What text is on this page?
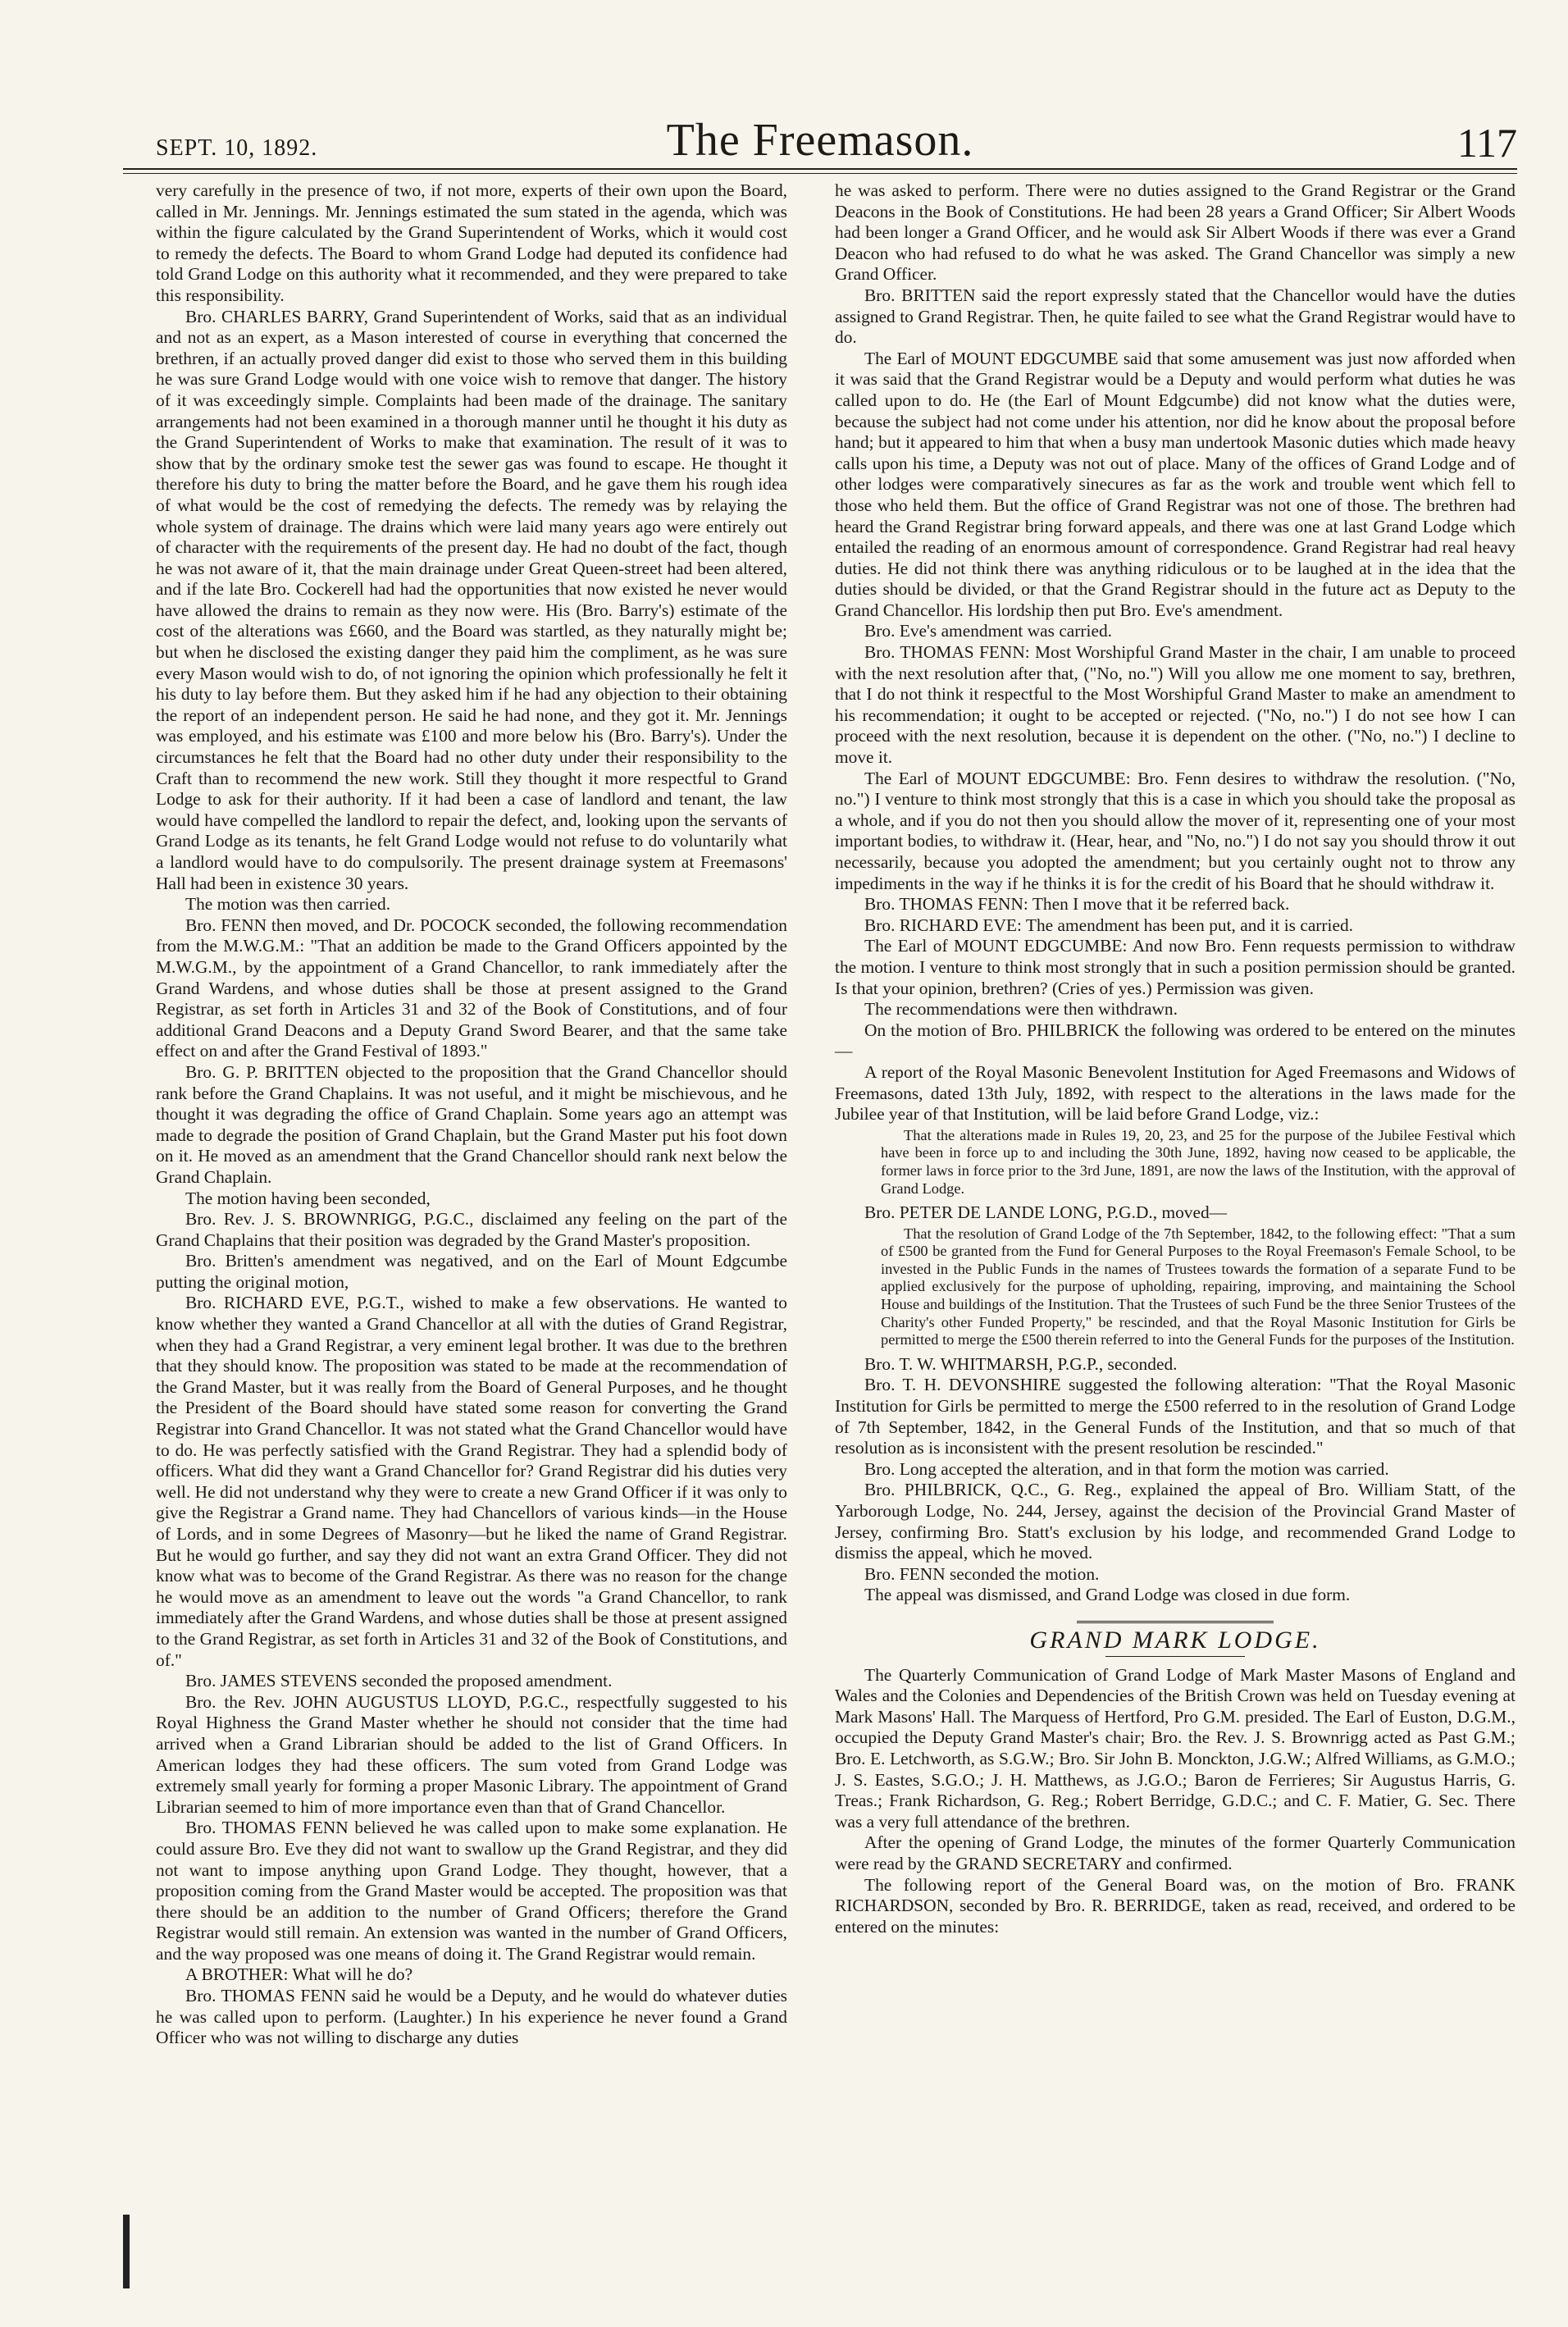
SEPT. 10, 1892.	The Freemason.	117

very carefully in the presence of two, if not more, experts of their own upon the Board, called in Mr. Jennings. Mr. Jennings estimated the sum stated in the agenda, which was within the figure calculated by the Grand Superintendent of Works, which it would cost to remedy the defects. The Board to whom Grand Lodge had deputed its confidence had told Grand Lodge on this authority what it recommended, and they were prepared to take this responsibility.

Bro. CHARLES BARRY, Grand Superintendent of Works, said that as an individual and not as an expert, as a Mason interested of course in everything that concerned the brethren, if an actually proved danger did exist to those who served them in this building he was sure Grand Lodge would with one voice wish to remove that danger. The history of it was exceedingly simple. Complaints had been made of the drainage. The sanitary arrangements had not been examined in a thorough manner until he thought it his duty as the Grand Superintendent of Works to make that examination. The result of it was to show that by the ordinary smoke test the sewer gas was found to escape. He thought it therefore his duty to bring the matter before the Board, and he gave them his rough idea of what would be the cost of remedying the defects. The remedy was by relaying the whole system of drainage. The drains which were laid many years ago were entirely out of character with the requirements of the present day. He had no doubt of the fact, though he was not aware of it, that the main drainage under Great Queen-street had been altered, and if the late Bro. Cockerell had had the opportunities that now existed he never would have allowed the drains to remain as they now were. His (Bro. Barry's) estimate of the cost of the alterations was £660, and the Board was startled, as they naturally might be; but when he disclosed the existing danger they paid him the compliment, as he was sure every Mason would wish to do, of not ignoring the opinion which professionally he felt it his duty to lay before them. But they asked him if he had any objection to their obtaining the report of an independent person. He said he had none, and they got it. Mr. Jennings was employed, and his estimate was £100 and more below his (Bro. Barry's). Under the circumstances he felt that the Board had no other duty under their responsibility to the Craft than to recommend the new work. Still they thought it more respectful to Grand Lodge to ask for their authority. If it had been a case of landlord and tenant, the law would have compelled the landlord to repair the defect, and, looking upon the servants of Grand Lodge as its tenants, he felt Grand Lodge would not refuse to do voluntarily what a landlord would have to do compulsorily. The present drainage system at Freemasons' Hall had been in existence 30 years.

The motion was then carried.

Bro. FENN then moved, and Dr. POCOCK seconded, the following recommendation from the M.W.G.M.: "That an addition be made to the Grand Officers appointed by the M.W.G.M., by the appointment of a Grand Chancellor, to rank immediately after the Grand Wardens, and whose duties shall be those at present assigned to the Grand Registrar, as set forth in Articles 31 and 32 of the Book of Constitutions, and of four additional Grand Deacons and a Deputy Grand Sword Bearer, and that the same take effect on and after the Grand Festival of 1893."

Bro. G. P. BRITTEN objected to the proposition that the Grand Chancellor should rank before the Grand Chaplains. It was not useful, and it might be mischievous, and he thought it was degrading the office of Grand Chaplain. Some years ago an attempt was made to degrade the position of Grand Chaplain, but the Grand Master put his foot down on it. He moved as an amendment that the Grand Chancellor should rank next below the Grand Chaplain.

The motion having been seconded,

Bro. Rev. J. S. BROWNRIGG, P.G.C., disclaimed any feeling on the part of the Grand Chaplains that their position was degraded by the Grand Master's proposition.

Bro. Britten's amendment was negatived, and on the Earl of Mount Edgcumbe putting the original motion,

Bro. RICHARD EVE, P.G.T., wished to make a few observations. He wanted to know whether they wanted a Grand Chancellor at all with the duties of Grand Registrar, when they had a Grand Registrar, a very eminent legal brother. It was due to the brethren that they should know. The proposition was stated to be made at the recommendation of the Grand Master, but it was really from the Board of General Purposes, and he thought the President of the Board should have stated some reason for converting the Grand Registrar into Grand Chancellor. It was not stated what the Grand Chancellor would have to do. He was perfectly satisfied with the Grand Registrar. They had a splendid body of officers. What did they want a Grand Chancellor for? Grand Registrar did his duties very well. He did not understand why they were to create a new Grand Officer if it was only to give the Registrar a Grand name. They had Chancellors of various kinds—in the House of Lords, and in some Degrees of Masonry—but he liked the name of Grand Registrar. But he would go further, and say they did not want an extra Grand Officer. They did not know what was to become of the Grand Registrar. As there was no reason for the change he would move as an amendment to leave out the words "a Grand Chancellor, to rank immediately after the Grand Wardens, and whose duties shall be those at present assigned to the Grand Registrar, as set forth in Articles 31 and 32 of the Book of Constitutions, and of."

Bro. JAMES STEVENS seconded the proposed amendment.

Bro. the Rev. JOHN AUGUSTUS LLOYD, P.G.C., respectfully suggested to his Royal Highness the Grand Master whether he should not consider that the time had arrived when a Grand Librarian should be added to the list of Grand Officers. In American lodges they had these officers. The sum voted from Grand Lodge was extremely small yearly for forming a proper Masonic Library. The appointment of Grand Librarian seemed to him of more importance even than that of Grand Chancellor.

Bro. THOMAS FENN believed he was called upon to make some explanation. He could assure Bro. Eve they did not want to swallow up the Grand Registrar, and they did not want to impose anything upon Grand Lodge. They thought, however, that a proposition coming from the Grand Master would be accepted. The proposition was that there should be an addition to the number of Grand Officers; therefore the Grand Registrar would still remain. An extension was wanted in the number of Grand Officers, and the way proposed was one means of doing it. The Grand Registrar would remain.

A BROTHER: What will he do?

Bro. THOMAS FENN said he would be a Deputy, and he would do whatever duties he was called upon to perform. (Laughter.) In his experience he never found a Grand Officer who was not willing to discharge any duties

he was asked to perform. There were no duties assigned to the Grand Registrar or the Grand Deacons in the Book of Constitutions. He had been 28 years a Grand Officer; Sir Albert Woods had been longer a Grand Officer, and he would ask Sir Albert Woods if there was ever a Grand Deacon who had refused to do what he was asked. The Grand Chancellor was simply a new Grand Officer.

Bro. BRITTEN said the report expressly stated that the Chancellor would have the duties assigned to Grand Registrar. Then, he quite failed to see what the Grand Registrar would have to do.

The Earl of MOUNT EDGCUMBE said that some amusement was just now afforded when it was said that the Grand Registrar would be a Deputy and would perform what duties he was called upon to do. He (the Earl of Mount Edgcumbe) did not know what the duties were, because the subject had not come under his attention, nor did he know about the proposal before hand; but it appeared to him that when a busy man undertook Masonic duties which made heavy calls upon his time, a Deputy was not out of place. Many of the offices of Grand Lodge and of other lodges were comparatively sinecures as far as the work and trouble went which fell to those who held them. But the office of Grand Registrar was not one of those. The brethren had heard the Grand Registrar bring forward appeals, and there was one at last Grand Lodge which entailed the reading of an enormous amount of correspondence. Grand Registrar had real heavy duties. He did not think there was anything ridiculous or to be laughed at in the idea that the duties should be divided, or that the Grand Registrar should in the future act as Deputy to the Grand Chancellor. His lordship then put Bro. Eve's amendment.

Bro. Eve's amendment was carried.

Bro. THOMAS FENN: Most Worshipful Grand Master in the chair, I am unable to proceed with the next resolution after that, ("No, no.") Will you allow me one moment to say, brethren, that I do not think it respectful to the Most Worshipful Grand Master to make an amendment to his recommendation; it ought to be accepted or rejected. ("No, no.") I do not see how I can proceed with the next resolution, because it is dependent on the other. ("No, no.") I decline to move it.

The Earl of MOUNT EDGCUMBE: Bro. Fenn desires to withdraw the resolution. ("No, no.") I venture to think most strongly that this is a case in which you should take the proposal as a whole, and if you do not then you should allow the mover of it, representing one of your most important bodies, to withdraw it. (Hear, hear, and "No, no.") I do not say you should throw it out necessarily, because you adopted the amendment; but you certainly ought not to throw any impediments in the way if he thinks it is for the credit of his Board that he should withdraw it.

Bro. THOMAS FENN: Then I move that it be referred back.

Bro. RICHARD EVE: The amendment has been put, and it is carried.

The Earl of MOUNT EDGCUMBE: And now Bro. Fenn requests permission to withdraw the motion. I venture to think most strongly that in such a position permission should be granted. Is that your opinion, brethren? (Cries of yes.) Permission was given.

The recommendations were then withdrawn.

On the motion of Bro. PHILBRICK the following was ordered to be entered on the minutes—

A report of the Royal Masonic Benevolent Institution for Aged Freemasons and Widows of Freemasons, dated 13th July, 1892, with respect to the alterations in the laws made for the Jubilee year of that Institution, will be laid before Grand Lodge, viz.:

That the alterations made in Rules 19, 20, 23, and 25 for the purpose of the Jubilee Festival which have been in force up to and including the 30th June, 1892, having now ceased to be applicable, the former laws in force prior to the 3rd June, 1891, are now the laws of the Institution, with the approval of Grand Lodge.

Bro. PETER DE LANDE LONG, P.G.D., moved—

That the resolution of Grand Lodge of the 7th September, 1842, to the following effect: "That a sum of £500 be granted from the Fund for General Purposes to the Royal Freemason's Female School, to be invested in the Public Funds in the names of Trustees towards the formation of a separate Fund to be applied exclusively for the purpose of upholding, repairing, improving, and maintaining the School House and buildings of the Institution. That the Trustees of such Fund be the three Senior Trustees of the Charity's other Funded Property," be rescinded, and that the Royal Masonic Institution for Girls be permitted to merge the £500 therein referred to into the General Funds for the purposes of the Institution.

Bro. T. W. WHITMARSH, P.G.P., seconded.

Bro. T. H. DEVONSHIRE suggested the following alteration: "That the Royal Masonic Institution for Girls be permitted to merge the £500 referred to in the resolution of Grand Lodge of 7th September, 1842, in the General Funds of the Institution, and that so much of that resolution as is inconsistent with the present resolution be rescinded."

Bro. Long accepted the alteration, and in that form the motion was carried.

Bro. PHILBRICK, Q.C., G. Reg., explained the appeal of Bro. William Statt, of the Yarborough Lodge, No. 244, Jersey, against the decision of the Provincial Grand Master of Jersey, confirming Bro. Statt's exclusion by his lodge, and recommended Grand Lodge to dismiss the appeal, which he moved.

Bro. FENN seconded the motion.

The appeal was dismissed, and Grand Lodge was closed in due form.

GRAND MARK LODGE.

The Quarterly Communication of Grand Lodge of Mark Master Masons of England and Wales and the Colonies and Dependencies of the British Crown was held on Tuesday evening at Mark Masons' Hall. The Marquess of Hertford, Pro G.M. presided. The Earl of Euston, D.G.M., occupied the Deputy Grand Master's chair; Bro. the Rev. J. S. Brownrigg acted as Past G.M.; Bro. E. Letchworth, as S.G.W.; Bro. Sir John B. Monckton, J.G.W.; Alfred Williams, as G.M.O.; J. S. Eastes, S.G.O.; J. H. Matthews, as J.G.O.; Baron de Ferrieres; Sir Augustus Harris, G. Treas.; Frank Richardson, G. Reg.; Robert Berridge, G.D.C.; and C. F. Matier, G. Sec. There was a very full attendance of the brethren.

After the opening of Grand Lodge, the minutes of the former Quarterly Communication were read by the GRAND SECRETARY and confirmed.

The following report of the General Board was, on the motion of Bro. FRANK RICHARDSON, seconded by Bro. R. BERRIDGE, taken as read, received, and ordered to be entered on the minutes:
